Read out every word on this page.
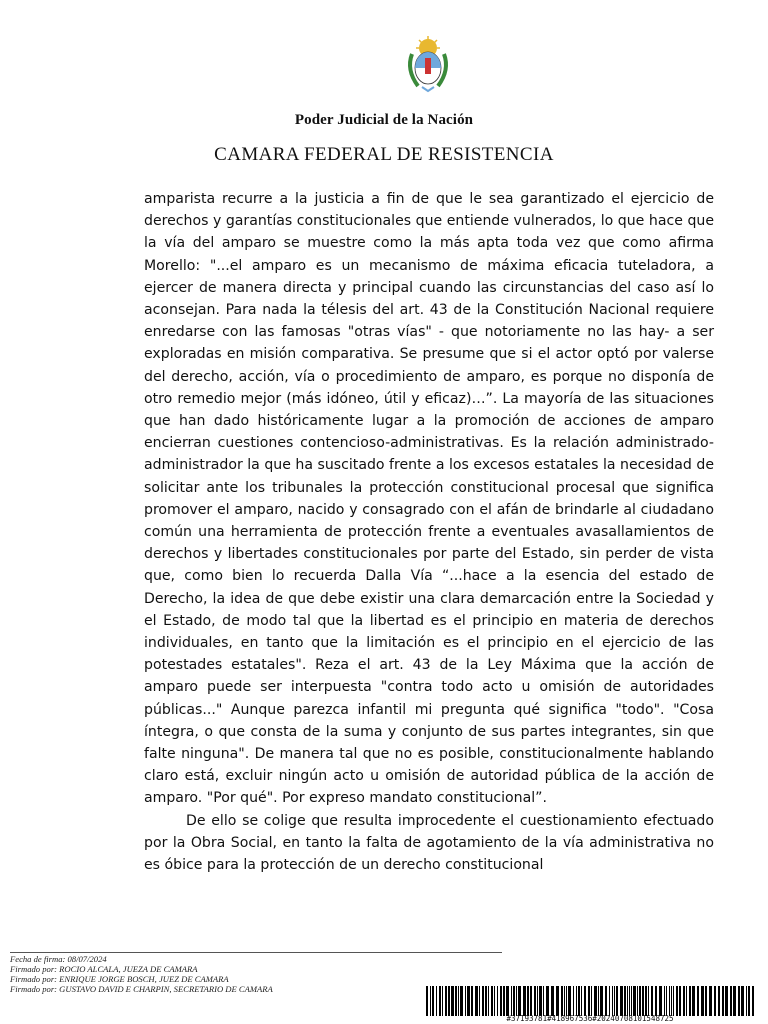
Poder Judicial de la Nación
CAMARA FEDERAL DE RESISTENCIA

amparista recurre a la justicia a fin de que le sea garantizado el ejercicio de derechos y garantías constitucionales que entiende vulnerados, lo que hace que la vía del amparo se muestre como la más apta toda vez que como afirma Morello: "...el amparo es un mecanismo de máxima eficacia tuteladora, a ejercer de manera directa y principal cuando las circunstancias del caso así lo aconsejan. Para nada la télesis del art. 43 de la Constitución Nacional requiere enredarse con las famosas "otras vías" - que notoriamente no las hay- a ser exploradas en misión comparativa. Se presume que si el actor optó por valerse del derecho, acción, vía o procedimiento de amparo, es porque no disponía de otro remedio mejor (más idóneo, útil y eficaz)…”. La mayoría de las situaciones que han dado históricamente lugar a la promoción de acciones de amparo encierran cuestiones contencioso-administrativas. Es la relación administrado-administrador la que ha suscitado frente a los excesos estatales la necesidad de solicitar ante los tribunales la protección constitucional procesal que significa promover el amparo, nacido y consagrado con el afán de brindarle al ciudadano común una herramienta de protección frente a eventuales avasallamientos de derechos y libertades constitucionales por parte del Estado, sin perder de vista que, como bien lo recuerda Dalla Vía “...hace a la esencia del estado de Derecho, la idea de que debe existir una clara demarcación entre la Sociedad y el Estado, de modo tal que la libertad es el principio en materia de derechos individuales, en tanto que la limitación es el principio en el ejercicio de las potestades estatales". Reza el art. 43 de la Ley Máxima que la acción de amparo puede ser interpuesta "contra todo acto u omisión de autoridades públicas..." Aunque parezca infantil mi pregunta qué significa "todo". "Cosa íntegra, o que consta de la suma y conjunto de sus partes integrantes, sin que falte ninguna". De manera tal que no es posible, constitucionalmente hablando claro está, excluir ningún acto u omisión de autoridad pública de la acción de amparo. "Por qué". Por expreso mandato constitucional”.

De ello se colige que resulta improcedente el cuestionamiento efectuado por la Obra Social, en tanto la falta de agotamiento de la vía administrativa no es óbice para la protección de un derecho constitucional

Fecha de firma: 08/07/2024
Firmado por: ROCIO ALCALA, JUEZA DE CAMARA
Firmado por: ENRIQUE JORGE BOSCH, JUEZ DE CAMARA
Firmado por: GUSTAVO DAVID E CHARPIN, SECRETARIO DE CAMARA
#37193781#418967536#20240708101548725
